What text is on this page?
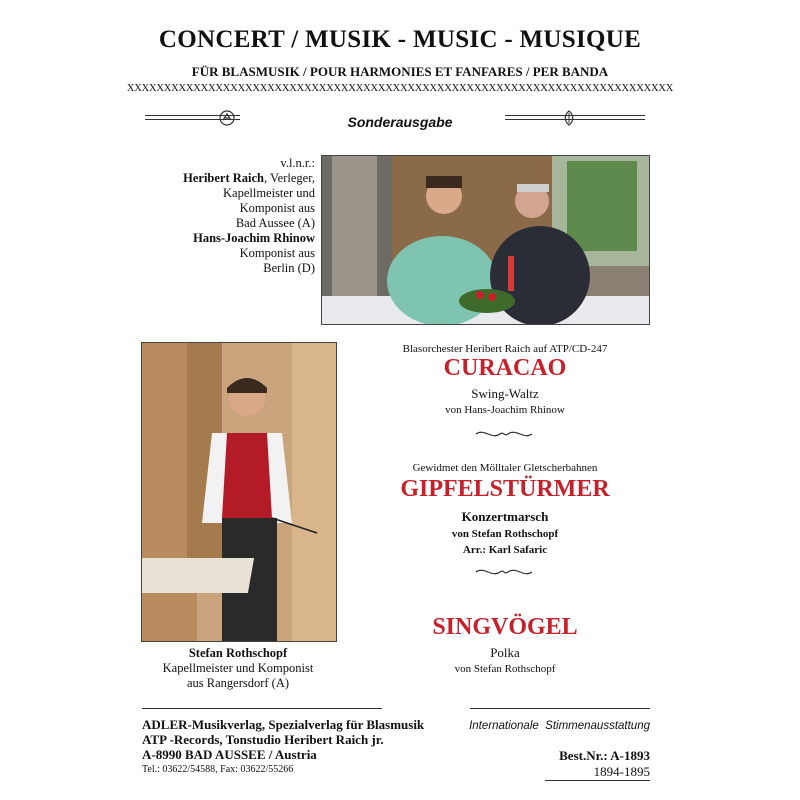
CONCERT / MUSIK - MUSIC - MUSIQUE
FÜR BLASMUSIK / POUR HARMONIES ET FANFARES / PER BANDA
XXXXXXXXXXXXXXXXXXXXXXXXXXXXXXXXXXXXXXXXXXXXXXXXXXXXXXXXXXXXXXXXXXXXXXXXXX
Sonderausgabe
v.l.n.r.:
Heribert Raich, Verleger,
Kapellmeister und
Komponist aus
Bad Aussee (A)
Hans-Joachim Rhinow
Komponist aus
Berlin (D)
Stefan Rothschopf
Kapellmeister und Komponist
aus Rangersdorf (A)
Blasorchester Heribert Raich auf ATP/CD-247
CURACAO
Swing-Waltz
von Hans-Joachim Rhinow
Gewidmet den Mölltaler Gletscherbahnen
GIPFELSTÜRMER
Konzertmarsch
von Stefan Rothschopf
Arr.: Karl Safaric
SINGVÖGEL
Polka
von Stefan Rothschopf
ADLER-Musikverlag, Spezialverlag für Blasmusik
ATP -Records, Tonstudio Heribert Raich jr.
A-8990 BAD AUSSEE / Austria
Tel.: 03622/54588, Fax: 03622/55266
Internationale  Stimmenausstattung
Best.Nr.: A-1893
1894-1895
